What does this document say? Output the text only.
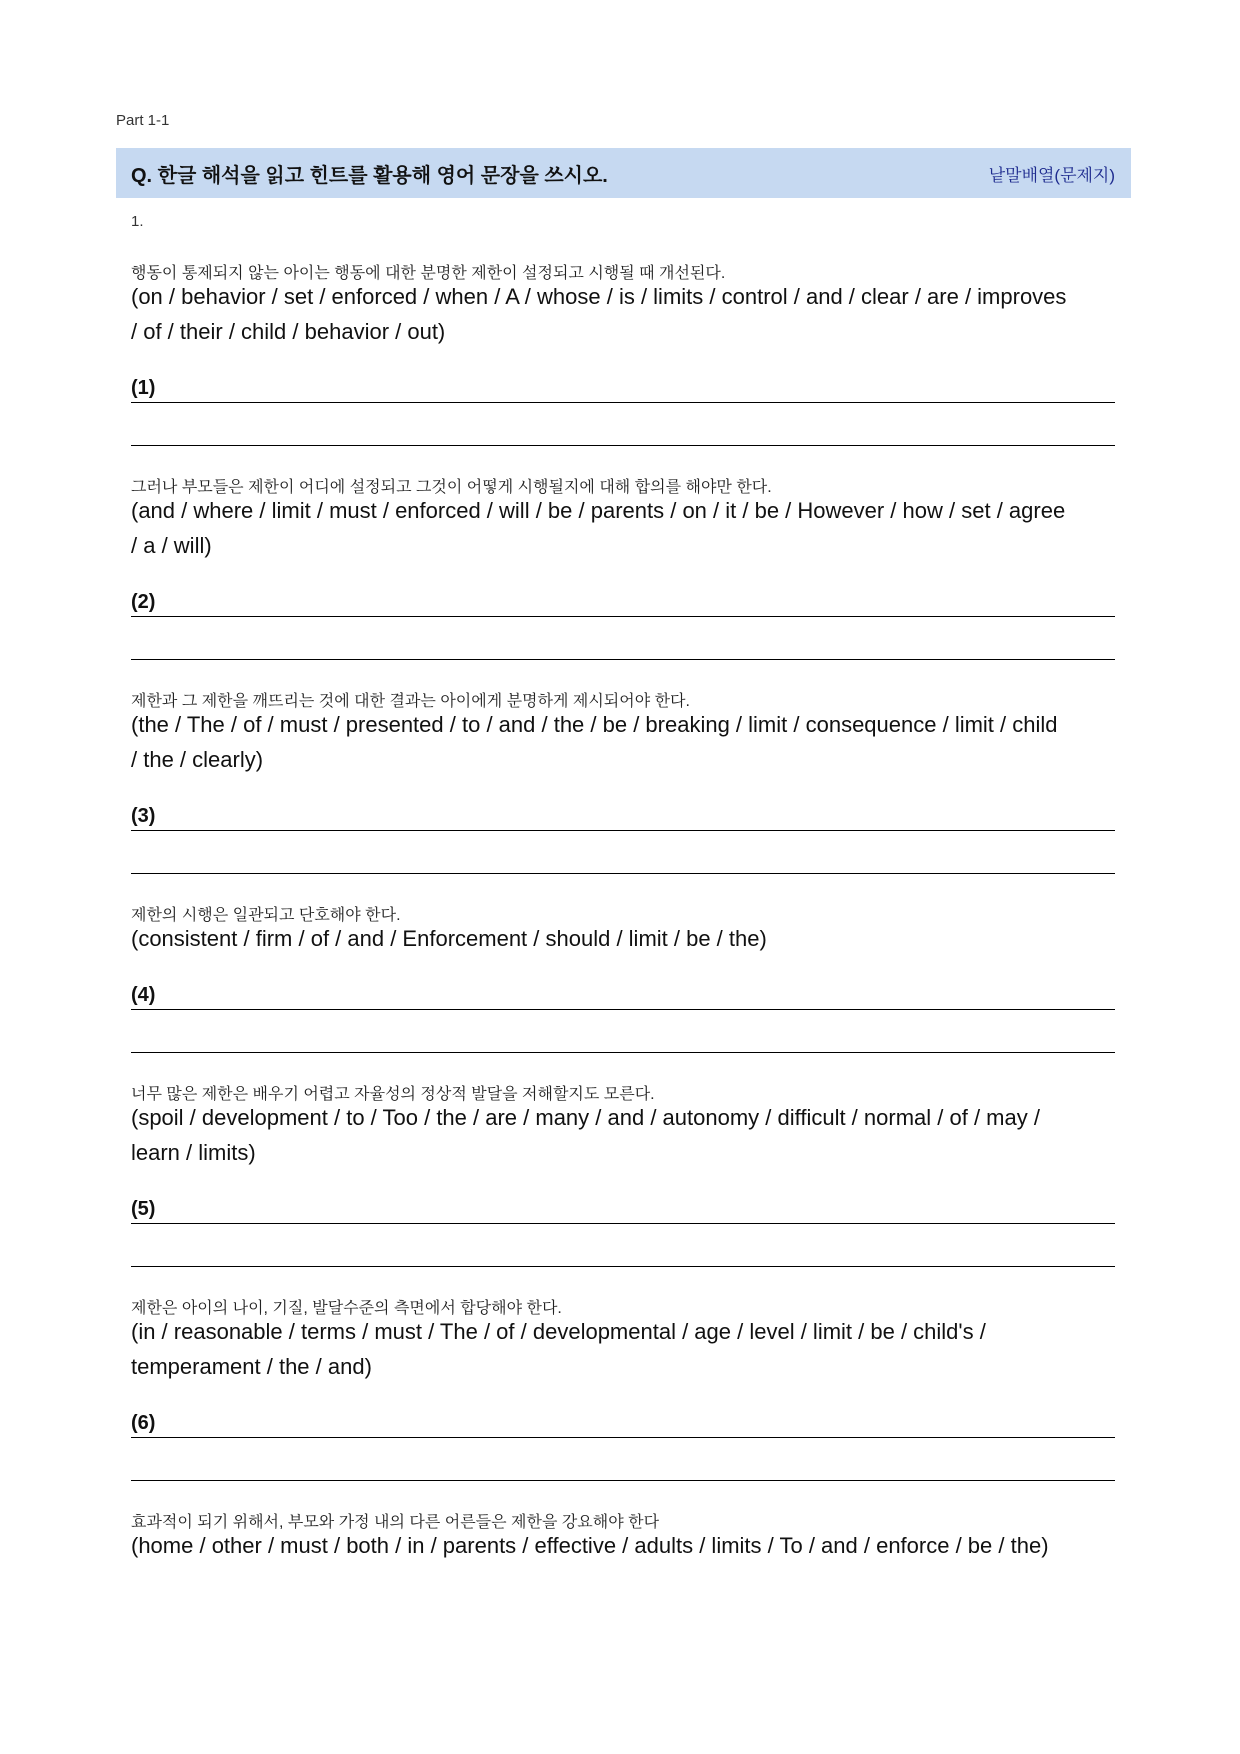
Part 1-1
Q. 한글 해석을 읽고 힌트를 활용해 영어 문장을 쓰시오.	낱말배열(문제지)
1.
행동이 통제되지 않는 아이는 행동에 대한 분명한 제한이 설정되고 시행될 때 개선된다.
(on / behavior / set / enforced / when / A / whose / is / limits / control / and / clear / are / improves
/ of / their / child / behavior / out)
(1)
그러나 부모들은 제한이 어디에 설정되고 그것이 어떻게 시행될지에 대해 합의를 해야만 한다.
(and / where / limit / must / enforced / will / be / parents / on / it / be / However / how / set / agree
/ a / will)
(2)
제한과 그 제한을 깨뜨리는 것에 대한 결과는 아이에게 분명하게 제시되어야 한다.
(the / The / of / must / presented / to / and / the / be / breaking / limit / consequence / limit / child
/ the / clearly)
(3)
제한의 시행은 일관되고 단호해야 한다.
(consistent / firm / of / and / Enforcement / should / limit / be / the)
(4)
너무 많은 제한은 배우기 어렵고 자율성의 정상적 발달을 저해할지도 모른다.
(spoil / development / to / Too / the / are / many / and / autonomy / difficult / normal / of / may /
learn / limits)
(5)
제한은 아이의 나이, 기질, 발달수준의 측면에서 합당해야 한다.
(in / reasonable / terms / must / The / of / developmental / age / level / limit / be / child's /
temperament / the / and)
(6)
효과적이 되기 위해서, 부모와 가정 내의 다른 어른들은 제한을 강요해야 한다
(home / other / must / both / in / parents / effective / adults / limits / To / and / enforce / be / the)
